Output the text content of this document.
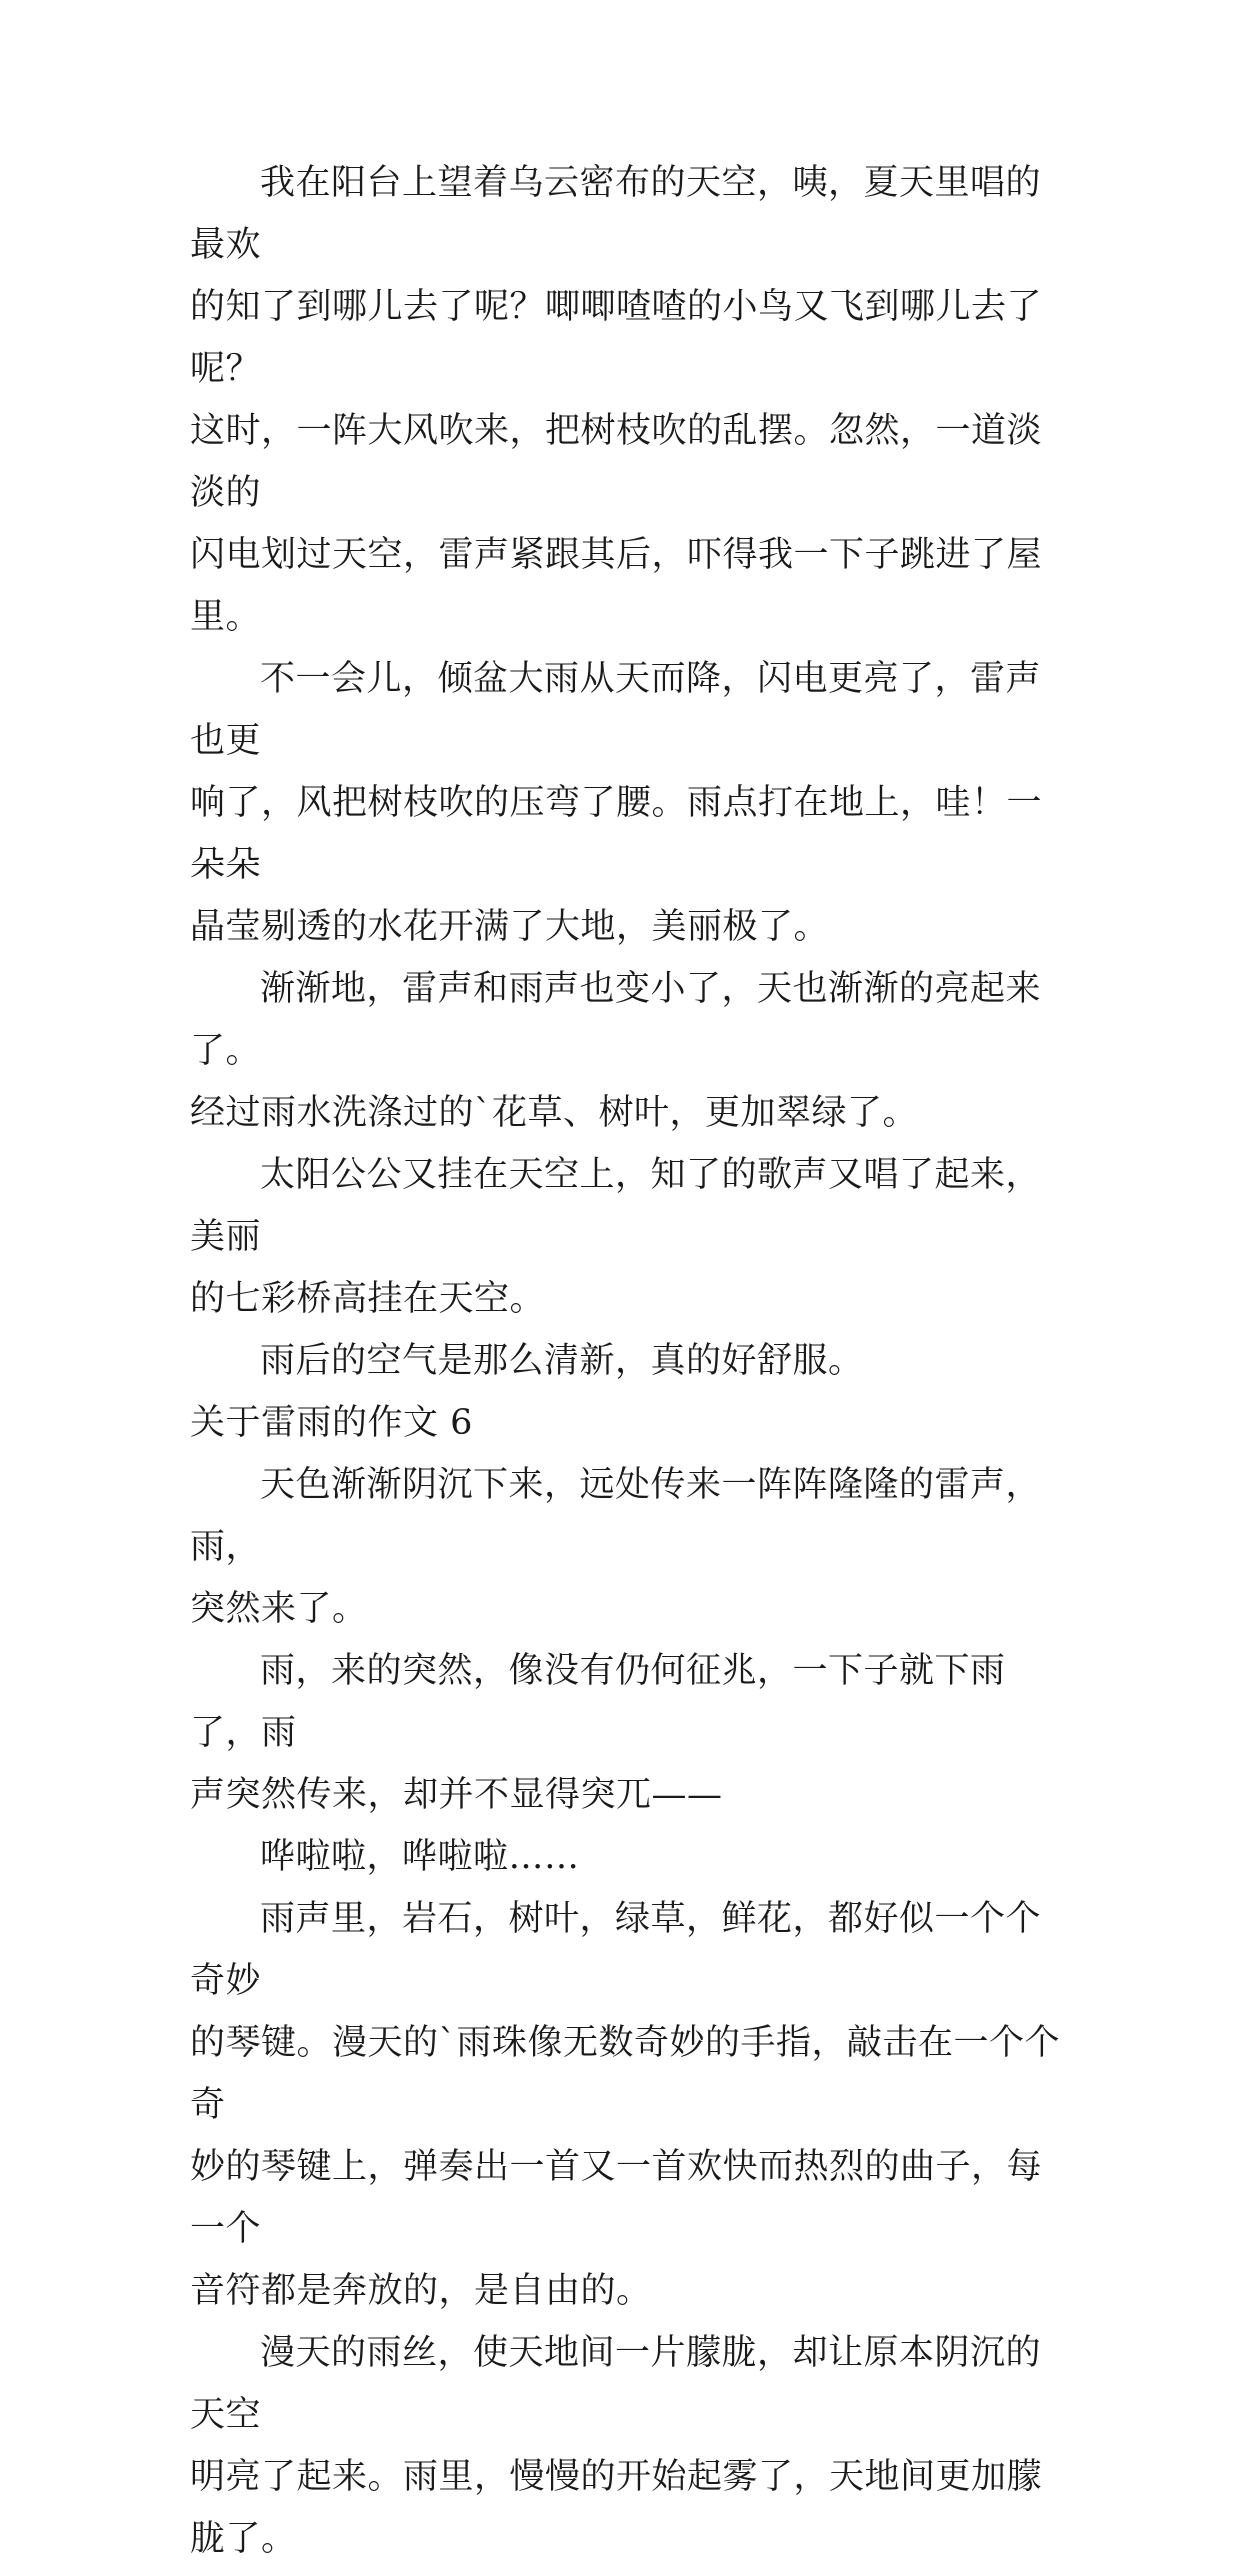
我在阳台上望着乌云密布的天空，咦，夏天里唱的最欢
的知了到哪儿去了呢？唧唧喳喳的小鸟又飞到哪儿去了呢？
这时，一阵大风吹来，把树枝吹的乱摆。忽然，一道淡淡的
闪电划过天空，雷声紧跟其后，吓得我一下子跳进了屋里。

不一会儿，倾盆大雨从天而降，闪电更亮了，雷声也更
响了，风把树枝吹的压弯了腰。雨点打在地上，哇！一朵朵
晶莹剔透的水花开满了大地，美丽极了。

渐渐地，雷声和雨声也变小了，天也渐渐的亮起来了。
经过雨水洗涤过的`花草、树叶，更加翠绿了。

太阳公公又挂在天空上，知了的歌声又唱了起来，美丽
的七彩桥高挂在天空。

雨后的空气是那么清新，真的好舒服。

关于雷雨的作文 6

天色渐渐阴沉下来，远处传来一阵阵隆隆的雷声，雨，
突然来了。

雨，来的突然，像没有仍何征兆，一下子就下雨了，雨
声突然传来，却并不显得突兀——

哗啦啦，哗啦啦……

雨声里，岩石，树叶，绿草，鲜花，都好似一个个奇妙
的琴键。漫天的`雨珠像无数奇妙的手指，敲击在一个个奇
妙的琴键上，弹奏出一首又一首欢快而热烈的曲子，每一个
音符都是奔放的，是自由的。

漫天的雨丝，使天地间一片朦胧，却让原本阴沉的天空
明亮了起来。雨里，慢慢的开始起雾了，天地间更加朦胧了。
